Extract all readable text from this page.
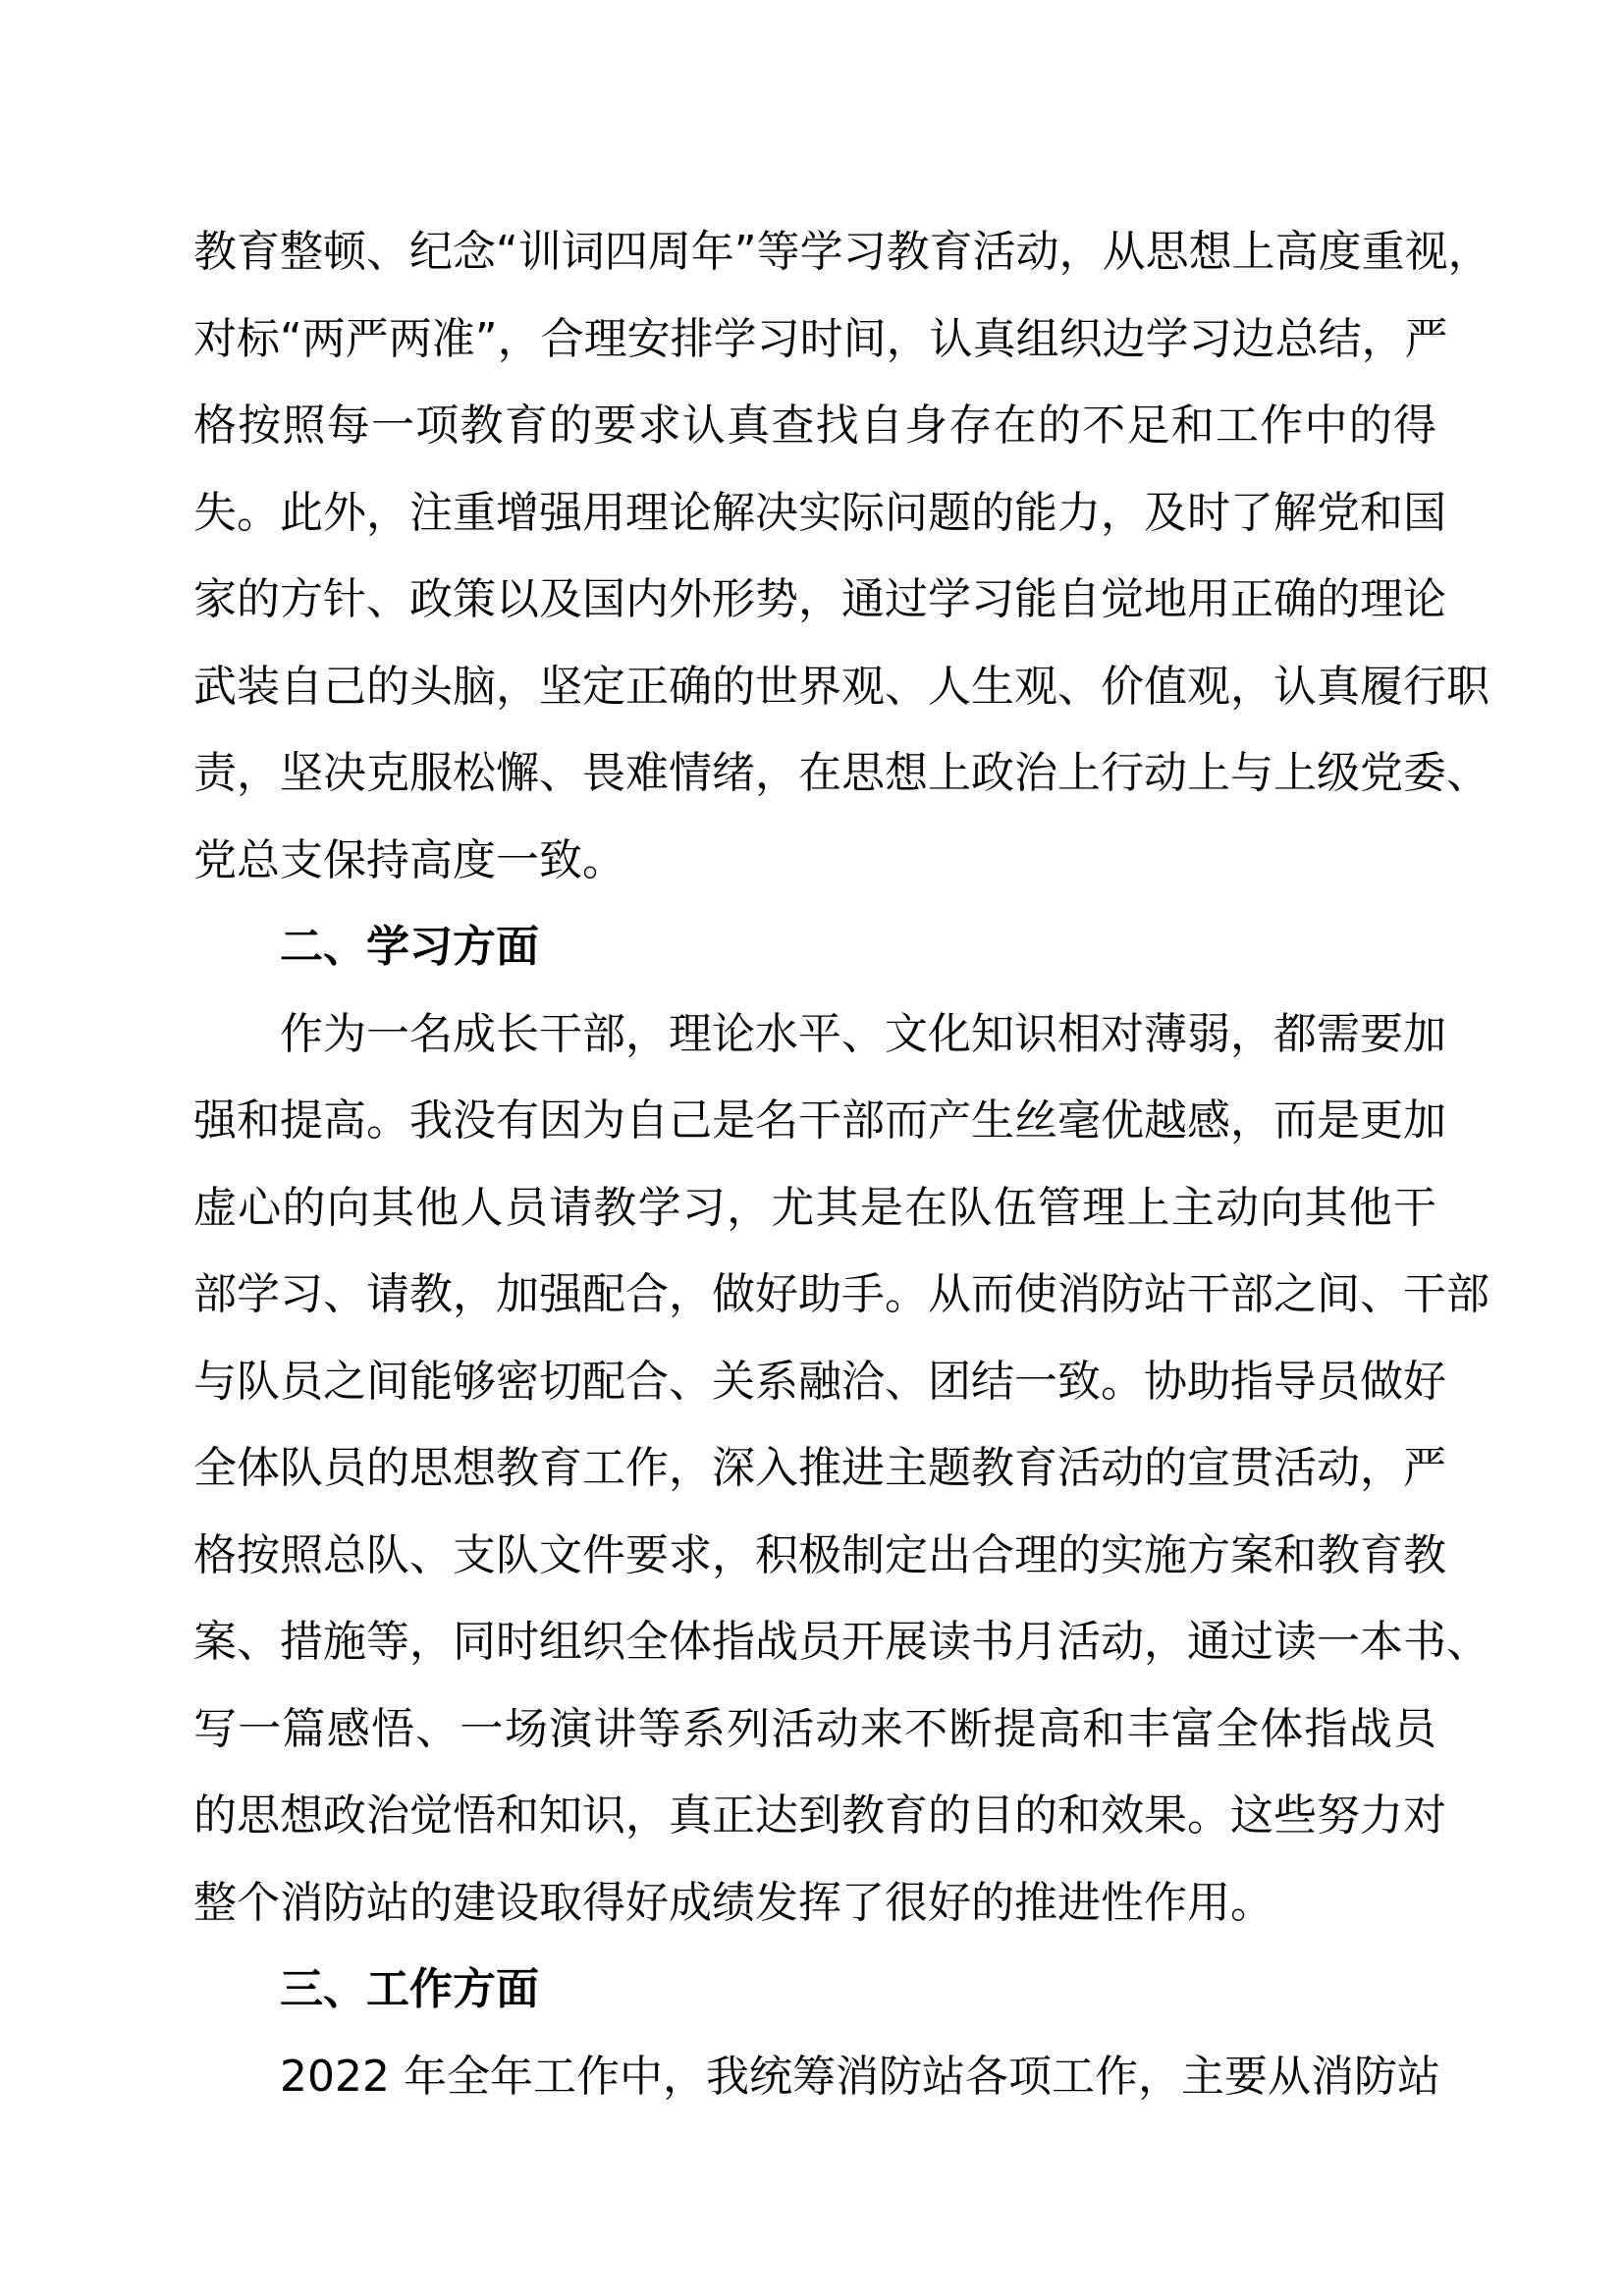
教育整顿、纪念“训词四周年”等学习教育活动，从思想上高度重视，
对标“两严两准”，合理安排学习时间，认真组织边学习边总结，严
格按照每一项教育的要求认真查找自身存在的不足和工作中的得
失。此外，注重增强用理论解决实际问题的能力，及时了解党和国
家的方针、政策以及国内外形势，通过学习能自觉地用正确的理论
武装自己的头脑，坚定正确的世界观、人生观、价值观，认真履行职
责，坚决克服松懈、畏难情绪，在思想上政治上行动上与上级党委、
党总支保持高度一致。
二、学习方面
作为一名成长干部，理论水平、文化知识相对薄弱，都需要加
强和提高。我没有因为自己是名干部而产生丝毫优越感，而是更加
虚心的向其他人员请教学习，尤其是在队伍管理上主动向其他干
部学习、请教，加强配合，做好助手。从而使消防站干部之间、干部
与队员之间能够密切配合、关系融洽、团结一致。协助指导员做好
全体队员的思想教育工作，深入推进主题教育活动的宣贯活动，严
格按照总队、支队文件要求，积极制定出合理的实施方案和教育教
案、措施等，同时组织全体指战员开展读书月活动，通过读一本书、
写一篇感悟、一场演讲等系列活动来不断提高和丰富全体指战员
的思想政治觉悟和知识，真正达到教育的目的和效果。这些努力对
整个消防站的建设取得好成绩发挥了很好的推进性作用。
三、工作方面
2022 年全年工作中，我统筹消防站各项工作，主要从消防站
